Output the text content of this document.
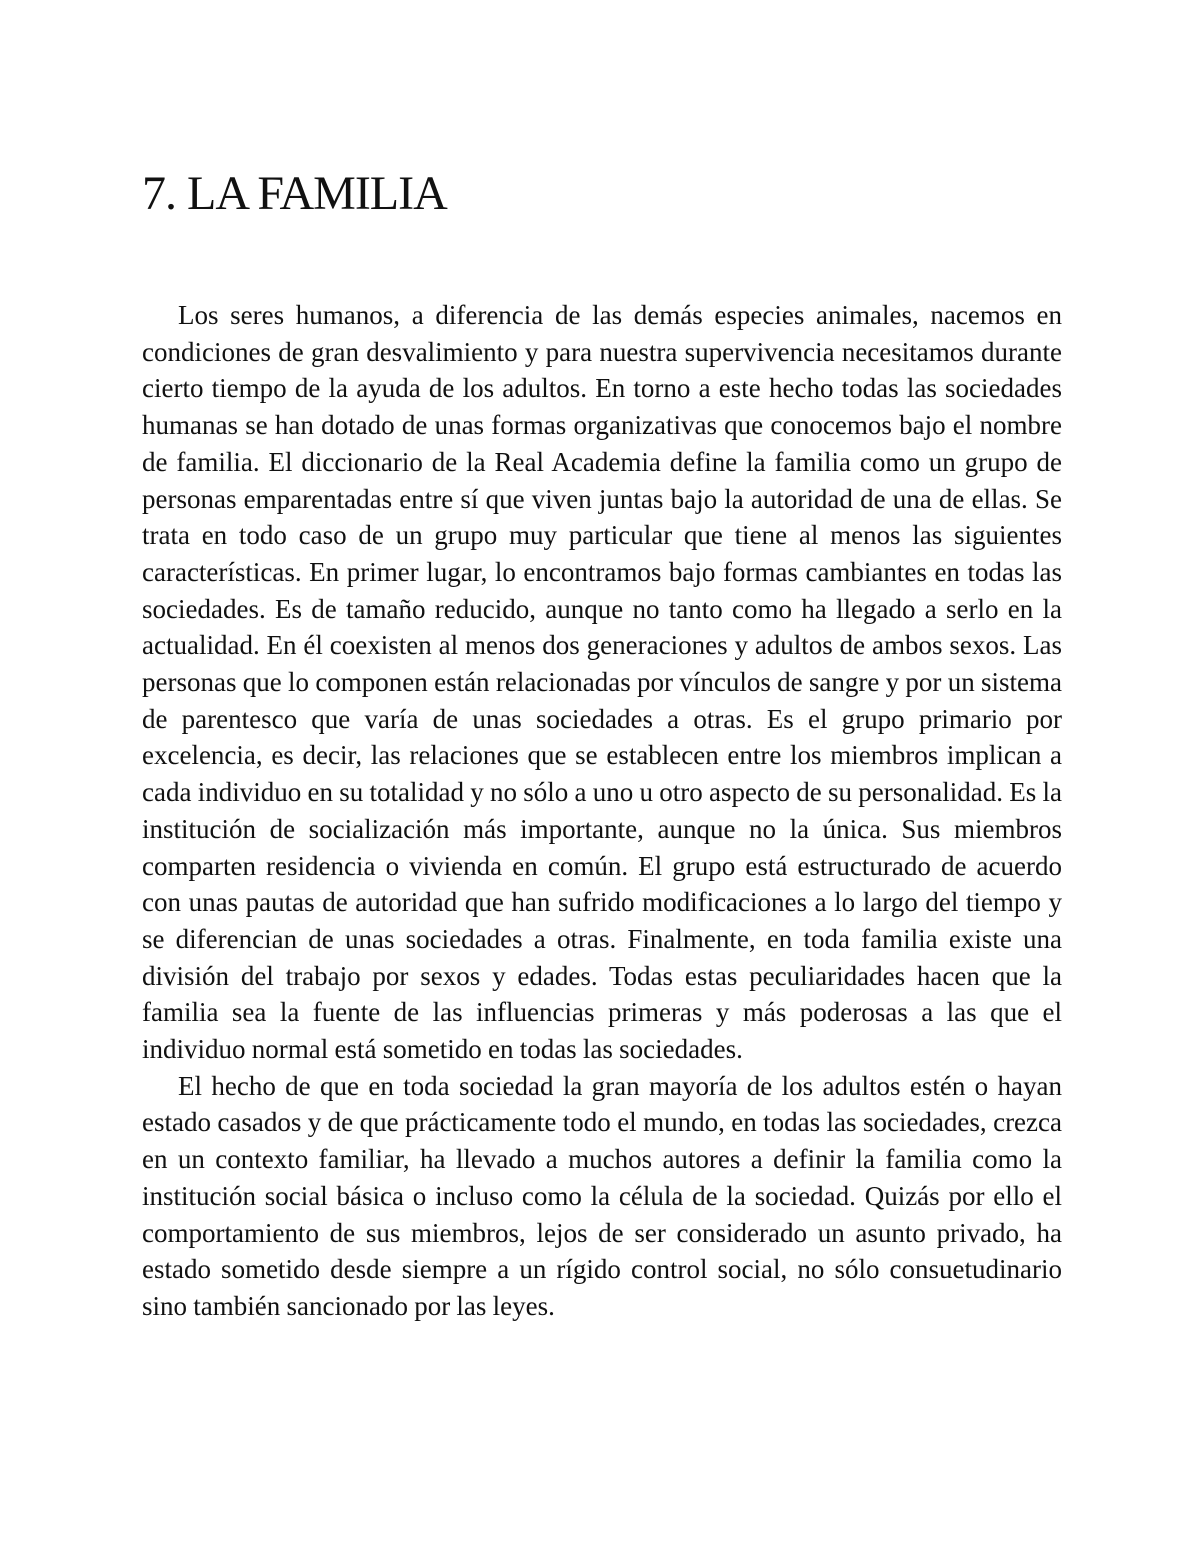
7. LA FAMILIA

Los seres humanos, a diferencia de las demás especies animales, nacemos en condiciones de gran desvalimiento y para nuestra supervivencia necesitamos durante cierto tiempo de la ayuda de los adultos. En torno a este hecho todas las sociedades humanas se han dotado de unas formas organizativas que conocemos bajo el nombre de familia. El diccionario de la Real Academia define la familia como un grupo de personas emparentadas entre sí que viven juntas bajo la autoridad de una de ellas. Se trata en todo caso de un grupo muy particular que tiene al menos las siguientes características. En primer lugar, lo encontramos bajo formas cambiantes en todas las sociedades. Es de tamaño reducido, aunque no tanto como ha llegado a serlo en la actualidad. En él coexisten al menos dos generaciones y adultos de ambos sexos. Las personas que lo componen están relacionadas por vínculos de sangre y por un sistema de parentesco que varía de unas sociedades a otras. Es el grupo primario por excelencia, es decir, las relaciones que se establecen entre los miembros implican a cada individuo en su totalidad y no sólo a uno u otro aspecto de su personalidad. Es la institución de socialización más importante, aunque no la única. Sus miembros comparten residencia o vivienda en común. El grupo está estructurado de acuerdo con unas pautas de autoridad que han sufrido modificaciones a lo largo del tiempo y se diferencian de unas sociedades a otras. Finalmente, en toda familia existe una división del trabajo por sexos y edades. Todas estas peculiaridades hacen que la familia sea la fuente de las influencias primeras y más poderosas a las que el individuo normal está sometido en todas las sociedades.

El hecho de que en toda sociedad la gran mayoría de los adultos estén o hayan estado casados y de que prácticamente todo el mundo, en todas las sociedades, crezca en un contexto familiar, ha llevado a muchos autores a definir la familia como la institución social básica o incluso como la célula de la sociedad. Quizás por ello el comportamiento de sus miembros, lejos de ser considerado un asunto privado, ha estado sometido desde siempre a un rígido control social, no sólo consuetudinario sino también sancionado por las leyes.
